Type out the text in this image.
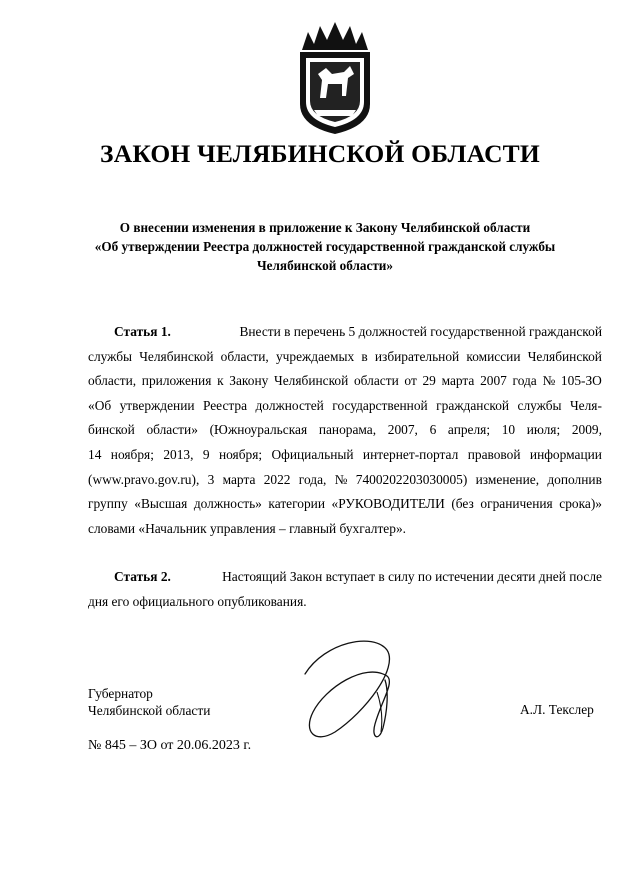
ЗАКОН ЧЕЛЯБИНСКОЙ ОБЛАСТИ
О внесении изменения в приложение к Закону Челябинской области
«Об утверждении Реестра должностей государственной гражданской службы
Челябинской области»
Статья 1.	Внести в перечень 5 должностей государственной гражданской
службы Челябинской области, учреждаемых в избирательной комиссии Челябинской
области, приложения к Закону Челябинской области от 29 марта 2007 года № 105-ЗО
«Об утверждении Реестра должностей государственной гражданской службы Челя-
бинской области» (Южноуральская панорама, 2007, 6 апреля; 10 июля; 2009,
14 ноября; 2013, 9 ноября; Официальный интернет-портал правовой информации
(www.pravo.gov.ru), 3 марта 2022 года, № 7400202203030005) изменение, дополнив
группу «Высшая должность» категории «РУКОВОДИТЕЛИ (без ограничения срока)»
словами «Начальник управления – главный бухгалтер».
Статья 2.	Настоящий Закон вступает в силу по истечении десяти дней после
дня его официального опубликования.
Губернатор
Челябинской области	А.Л. Текслер
№ 845 – ЗО от 20.06.2023 г.
